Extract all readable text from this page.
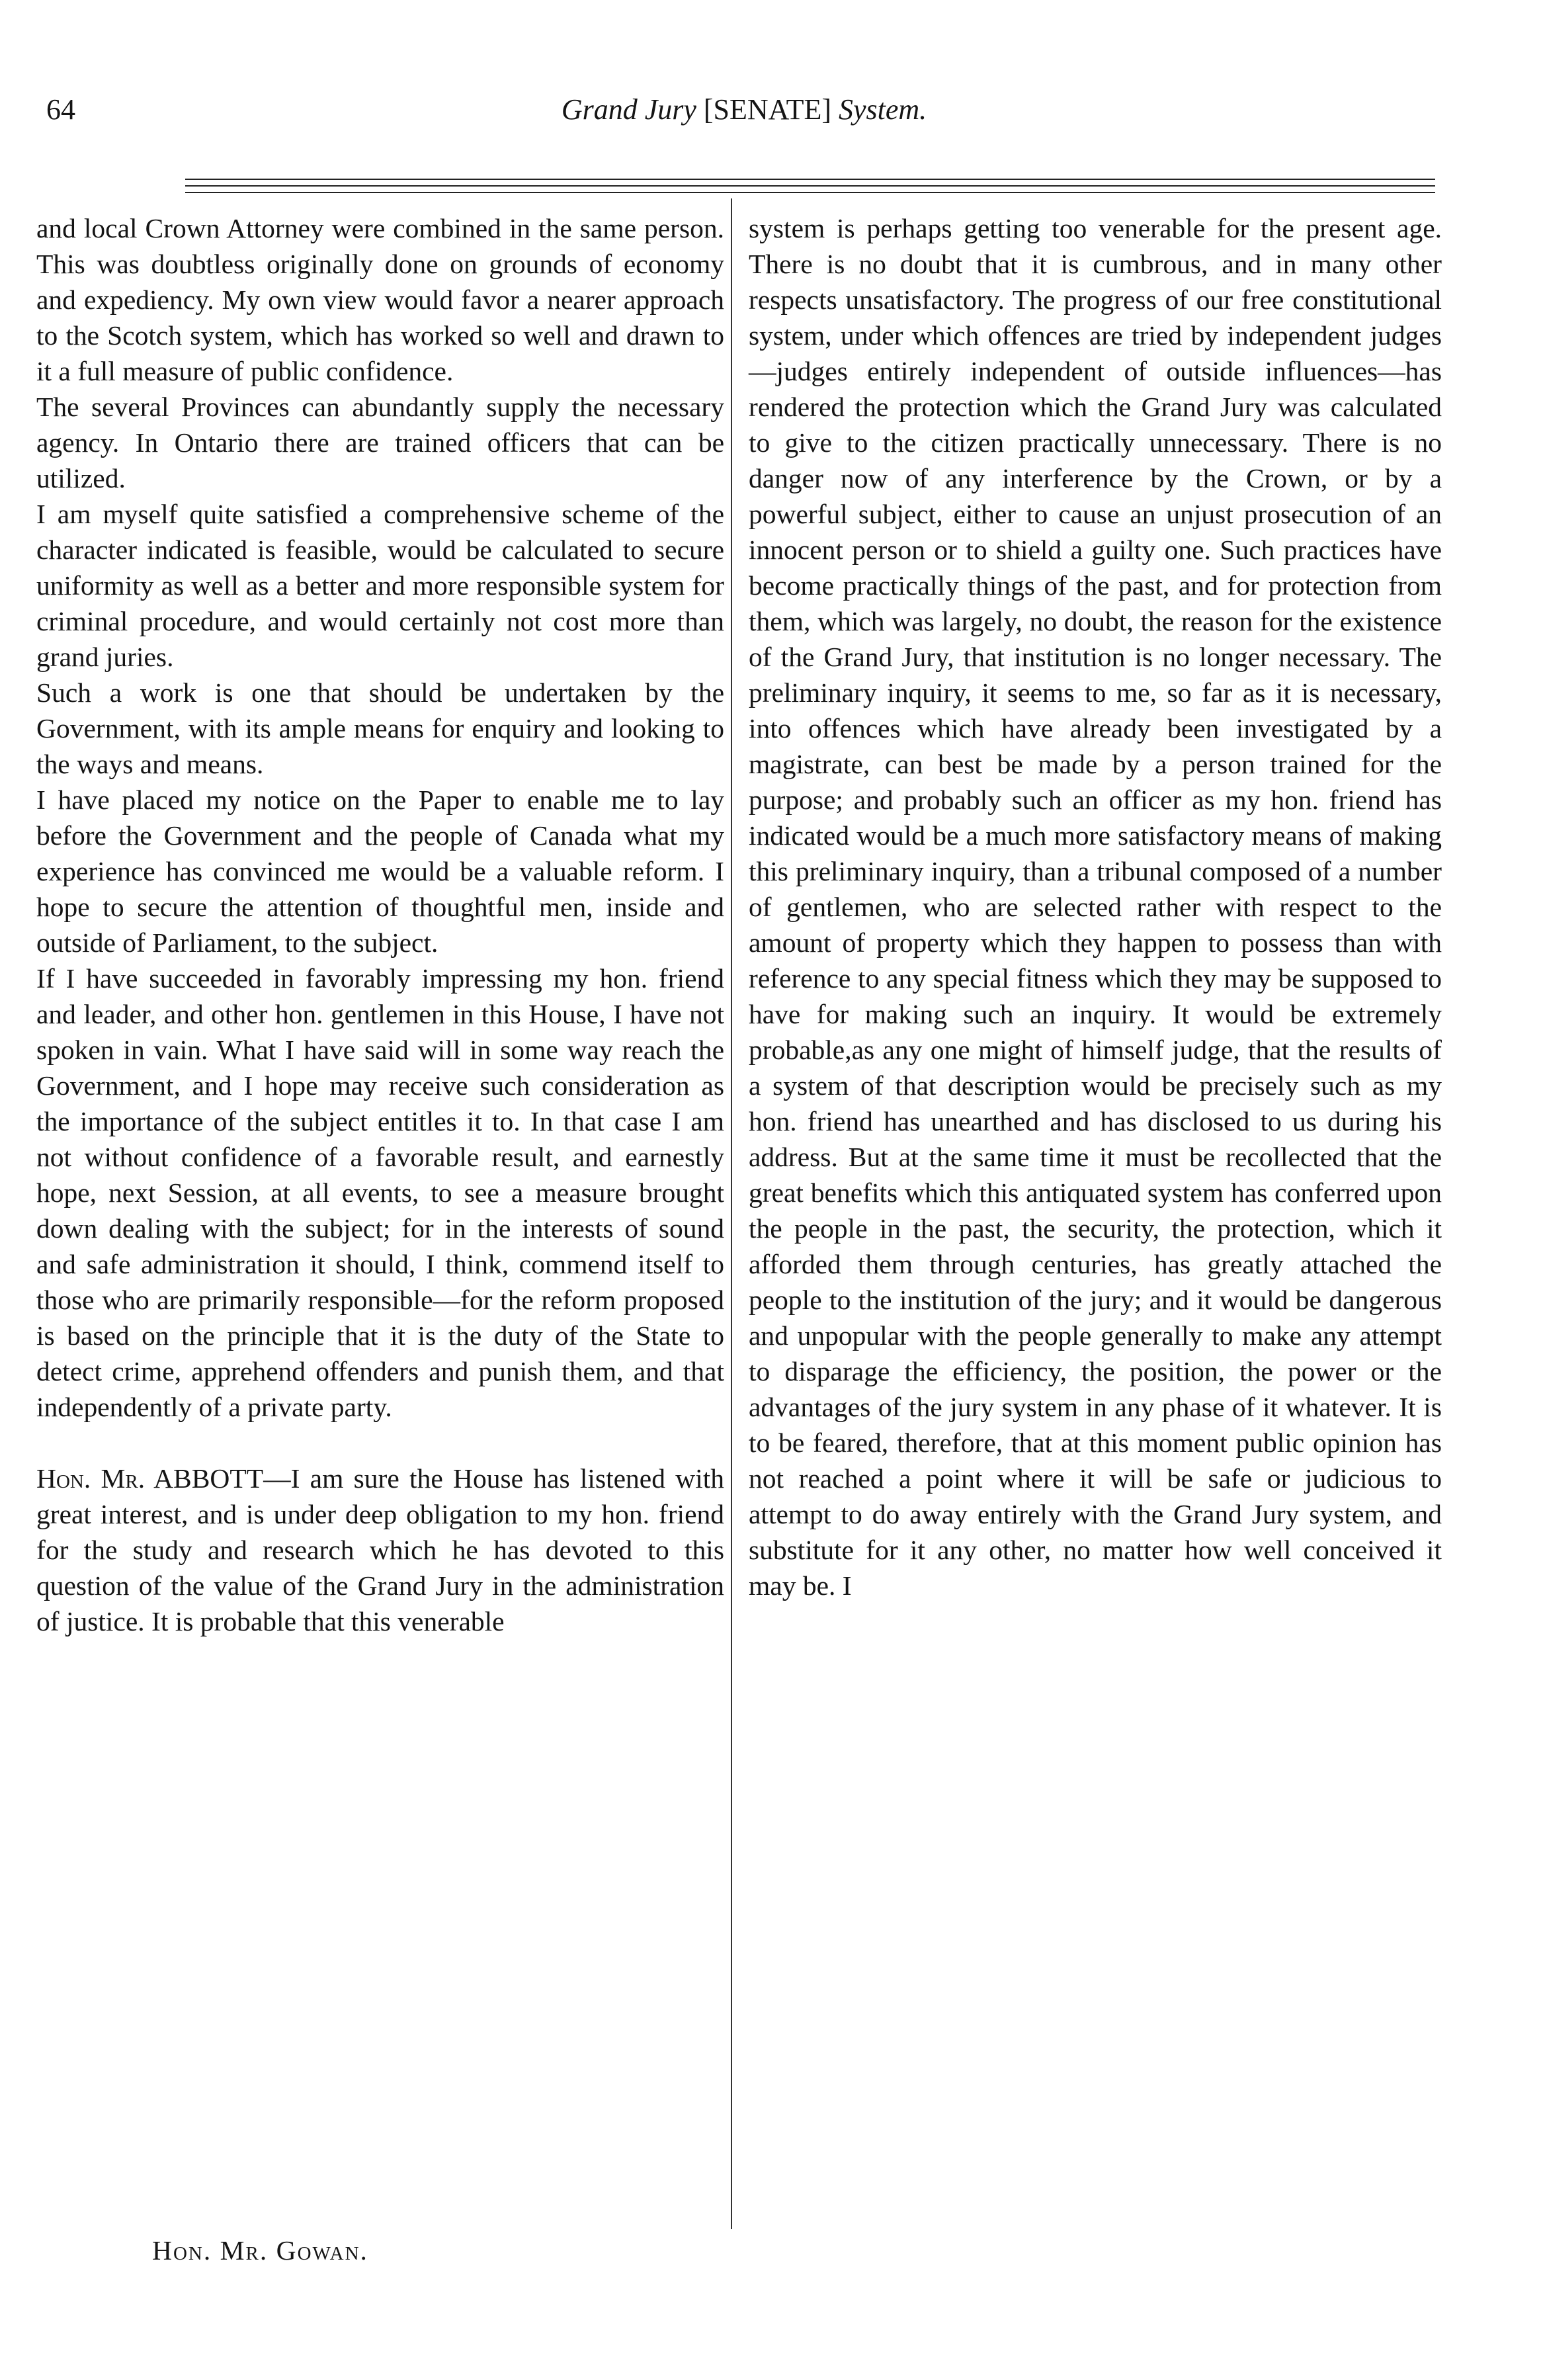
64	Grand Jury [SENATE] System.

and local Crown Attorney were combined in the same person. This was doubtless originally done on grounds of economy and expediency. My own view would favor a nearer approach to the Scotch system, which has worked so well and drawn to it a full measure of public confidence.

The several Provinces can abundantly supply the necessary agency. In Ontario there are trained officers that can be utilized.

I am myself quite satisfied a comprehensive scheme of the character indicated is feasible, would be calculated to secure uniformity as well as a better and more responsible system for criminal procedure, and would certainly not cost more than grand juries.

Such a work is one that should be undertaken by the Government, with its ample means for enquiry and looking to the ways and means.

I have placed my notice on the Paper to enable me to lay before the Government and the people of Canada what my experience has convinced me would be a valuable reform. I hope to secure the attention of thoughtful men, inside and outside of Parliament, to the subject.

If I have succeeded in favorably impressing my hon. friend and leader, and other hon. gentlemen in this House, I have not spoken in vain. What I have said will in some way reach the Government, and I hope may receive such consideration as the importance of the subject entitles it to. In that case I am not without confidence of a favorable result, and earnestly hope, next Session, at all events, to see a measure brought down dealing with the subject; for in the interests of sound and safe administration it should, I think, commend itself to those who are primarily responsible—for the reform proposed is based on the principle that it is the duty of the State to detect crime, apprehend offenders and punish them, and that independently of a private party.

Hon. Mr. ABBOTT—I am sure the House has listened with great interest, and is under deep obligation to my hon. friend for the study and research which he has devoted to this question of the value of the Grand Jury in the administration of justice. It is probable that this venerable

system is perhaps getting too venerable for the present age. There is no doubt that it is cumbrous, and in many other respects unsatisfactory. The progress of our free constitutional system, under which offences are tried by independent judges—judges entirely independent of outside influences—has rendered the protection which the Grand Jury was calculated to give to the citizen practically unnecessary. There is no danger now of any interference by the Crown, or by a powerful subject, either to cause an unjust prosecution of an innocent person or to shield a guilty one. Such practices have become practically things of the past, and for protection from them, which was largely, no doubt, the reason for the existence of the Grand Jury, that institution is no longer necessary. The preliminary inquiry, it seems to me, so far as it is necessary, into offences which have already been investigated by a magistrate, can best be made by a person trained for the purpose; and probably such an officer as my hon. friend has indicated would be a much more satisfactory means of making this preliminary inquiry, than a tribunal composed of a number of gentlemen, who are selected rather with respect to the amount of property which they happen to possess than with reference to any special fitness which they may be supposed to have for making such an inquiry. It would be extremely probable,as any one might of himself judge, that the results of a system of that description would be precisely such as my hon. friend has unearthed and has disclosed to us during his address. But at the same time it must be recollected that the great benefits which this antiquated system has conferred upon the people in the past, the security, the protection, which it afforded them through centuries, has greatly attached the people to the institution of the jury; and it would be dangerous and unpopular with the people generally to make any attempt to disparage the efficiency, the position, the power or the advantages of the jury system in any phase of it whatever. It is to be feared, therefore, that at this moment public opinion has not reached a point where it will be safe or judicious to attempt to do away entirely with the Grand Jury system, and substitute for it any other, no matter how well conceived it may be. I

Hon. Mr. Gowan.
